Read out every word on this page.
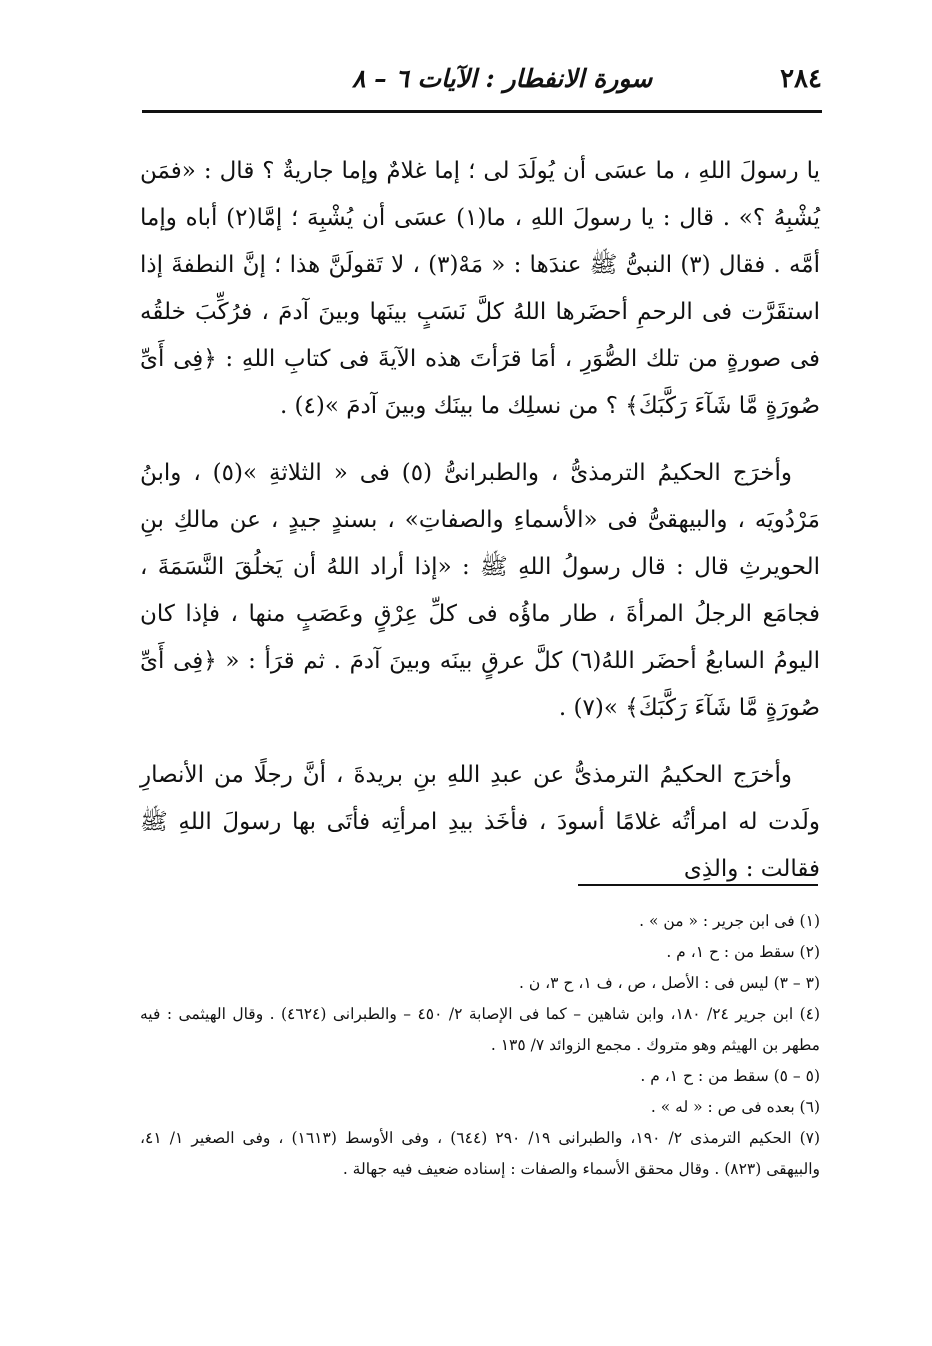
٢٨٤
سورة الانفطار : الآيات ٦ – ٨

يا رسولَ اللهِ ، ما عسَى أن يُولَدَ لى ؛ إما غلامٌ وإما جاريةٌ ؟ قال : «فمَن يُشْبِهُ ؟» . قال : يا رسولَ اللهِ ، ما(١) عسَى أن يُشْبِهَ ؛ إمَّا(٢) أباه وإما أمَّه . فقال (٣) النبىُّ ﷺ عندَها : « مَهْ(٣) ، لا تَقولَنَّ هذا ؛ إنَّ النطفةَ إذا استقَرَّت فى الرحمِ أحضَرها اللهُ كلَّ نَسَبٍ بينَها وبينَ آدمَ ، فرُكِّبَ خلقُه فى صورةٍ من تلك الصُّوَرِ ، أمَا قرَأتَ هذه الآيةَ فى كتابِ اللهِ : ﴿فِى أَىِّ صُورَةٍ مَّا شَآءَ رَكَّبَكَ﴾ ؟ من نسلِك ما بينَك وبينَ آدمَ »(٤) .

وأخرَج الحكيمُ الترمذىُّ ، والطبرانىُّ (٥) فى « الثلاثةِ »(٥) ، وابنُ مَرْدُويَه ، والبيهقىُّ فى «الأسماءِ والصفاتِ» ، بسندٍ جيدٍ ، عن مالكِ بنِ الحويرثِ قال : قال رسولُ اللهِ ﷺ : «إذا أراد اللهُ أن يَخلُقَ النَّسَمَةَ ، فجامَع الرجلُ المرأةَ ، طار ماؤُه فى كلِّ عِرْقٍ وعَصَبٍ منها ، فإذا كان اليومُ السابعُ أحضَر اللهُ(٦) كلَّ عرقٍ بينَه وبينَ آدمَ . ثم قرَأ : « ﴿فِى أَىِّ صُورَةٍ مَّا شَآءَ رَكَّبَكَ﴾ »(٧) .

وأخرَج الحكيمُ الترمذىُّ عن عبدِ اللهِ بنِ بريدةَ ، أنَّ رجلًا من الأنصارِ ولَدت له امرأتُه غلامًا أسودَ ، فأخَذ بيدِ امرأتِه فأتَى بها رسولَ اللهِ ﷺ فقالت : والذِى

(١) فى ابن جرير : « من » .

(٢) سقط من : ح ١، م .

(٣ – ٣) ليس فى : الأصل ، ص ، ف ١، ح ٣، ن .

(٤) ابن جرير ٢٤/ ١٨٠، وابن شاهين – كما فى الإصابة ٢/ ٤٥٠ – والطبرانى (٤٦٢٤) . وقال الهيثمى : فيه مطهر بن الهيثم وهو متروك . مجمع الزوائد ٧/ ١٣٥ .

(٥ – ٥) سقط من : ح ١، م .

(٦) بعده فى ص : « له » .

(٧) الحكيم الترمذى ٢/ ١٩٠، والطبرانى ١٩/ ٢٩٠ (٦٤٤) ، وفى الأوسط (١٦١٣) ، وفى الصغير ١/ ٤١، والبيهقى (٨٢٣) . وقال محقق الأسماء والصفات : إسناده ضعيف فيه جهالة .
